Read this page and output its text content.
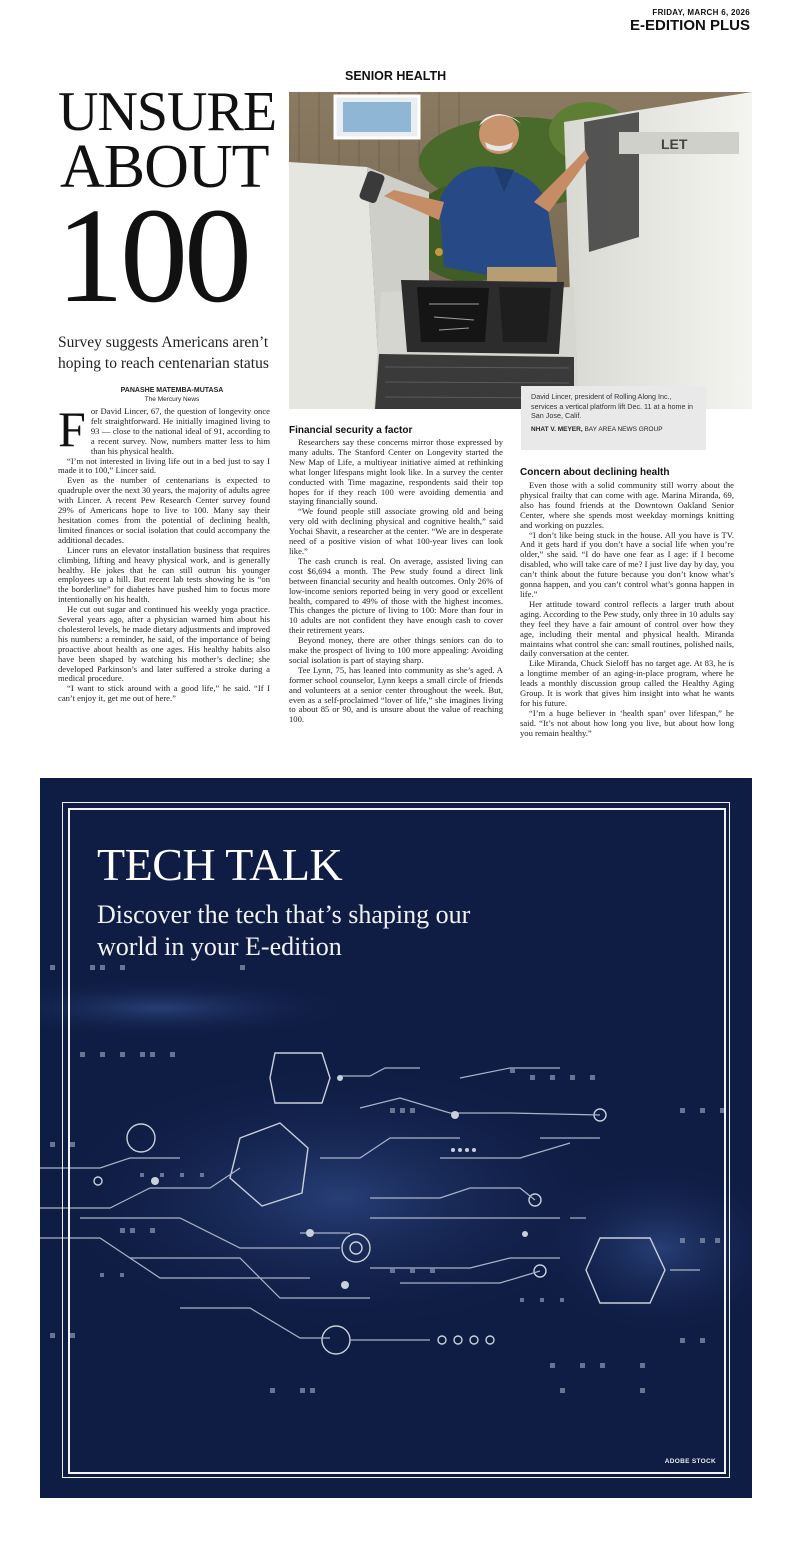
FRIDAY, MARCH 6, 2026
E-EDITION PLUS
SENIOR HEALTH
UNSURE
ABOUT
100
Survey suggests Americans aren’t hoping to reach centenarian status
PANASHE MATEMBA-MUTASA
The Mercury News
LET
David Lincer, president of Rolling Along Inc., services a vertical platform lift Dec. 11 at a home in San Jose, Calif.
NHAT V. MEYER, BAY AREA NEWS GROUP

For David Lincer, 67, the question of longevity once felt straightforward. He initially imagined living to 93 — close to the national ideal of 91, according to a recent survey. Now, numbers matter less to him than his physical health.

“I’m not interested in living life out in a bed just to say I made it to 100,” Lincer said.

Even as the number of centenarians is expected to quadruple over the next 30 years, the majority of adults agree with Lincer. A recent Pew Research Center survey found 29% of Americans hope to live to 100. Many say their hesitation comes from the potential of declining health, limited finances or social isolation that could accompany the additional decades.

Lincer runs an elevator installation business that requires climbing, lifting and heavy physical work, and is generally healthy. He jokes that he can still outrun his younger employees up a hill. But recent lab tests showing he is “on the borderline” for diabetes have pushed him to focus more intentionally on his health.

He cut out sugar and continued his weekly yoga practice. Several years ago, after a physician warned him about his cholesterol levels, he made dietary adjustments and improved his numbers: a reminder, he said, of the importance of being proactive about health as one ages. His healthy habits also have been shaped by watching his mother’s decline; she developed Parkinson’s and later suffered a stroke during a medical procedure.

“I want to stick around with a good life,” he said. “If I can’t enjoy it, get me out of here.”

Financial security a factor

Researchers say these concerns mirror those expressed by many adults. The Stanford Center on Longevity started the New Map of Life, a multiyear initiative aimed at rethinking what longer lifespans might look like. In a survey the center conducted with Time magazine, respondents said their top hopes for if they reach 100 were avoiding dementia and staying financially sound.

“We found people still associate growing old and being very old with declining physical and cognitive health,” said Yochai Shavit, a researcher at the center. “We are in desperate need of a positive vision of what 100-year lives can look like.”

The cash crunch is real. On average, assisted living can cost $6,694 a month. The Pew study found a direct link between financial security and health outcomes. Only 26% of low-income seniors reported being in very good or excellent health, compared to 49% of those with the highest incomes. This changes the picture of living to 100: More than four in 10 adults are not confident they have enough cash to cover their retirement years.

Beyond money, there are other things seniors can do to make the prospect of living to 100 more appealing: Avoiding social isolation is part of staying sharp.

Tee Lynn, 75, has leaned into community as she’s aged. A former school counselor, Lynn keeps a small circle of friends and volunteers at a senior center throughout the week. But, even as a self-proclaimed “lover of life,” she imagines living to about 85 or 90, and is unsure about the value of reaching 100.

Concern about declining health

Even those with a solid community still worry about the physical frailty that can come with age. Marina Miranda, 69, also has found friends at the Downtown Oakland Senior Center, where she spends most weekday mornings knitting and working on puzzles.

“I don’t like being stuck in the house. All you have is TV. And it gets hard if you don’t have a social life when you’re older,” she said. “I do have one fear as I age: if I become disabled, who will take care of me? I just live day by day, you can’t think about the future because you don’t know what’s gonna happen, and you can’t control what’s gonna happen in life.”

Her attitude toward control reflects a larger truth about aging. According to the Pew study, only three in 10 adults say they feel they have a fair amount of control over how they age, including their mental and physical health. Miranda maintains what control she can: small routines, polished nails, daily conversation at the center.

Like Miranda, Chuck Sieloff has no target age. At 83, he is a longtime member of an aging-in-place program, where he leads a monthly discussion group called the Healthy Aging Group. It is work that gives him insight into what he wants for his future.

“I’m a huge believer in ‘health span’ over lifespan,” he said. “It’s not about how long you live, but about how long you remain healthy.”

TECH TALK
Discover the tech that’s shaping our world in your E-edition
ADOBE STOCK
